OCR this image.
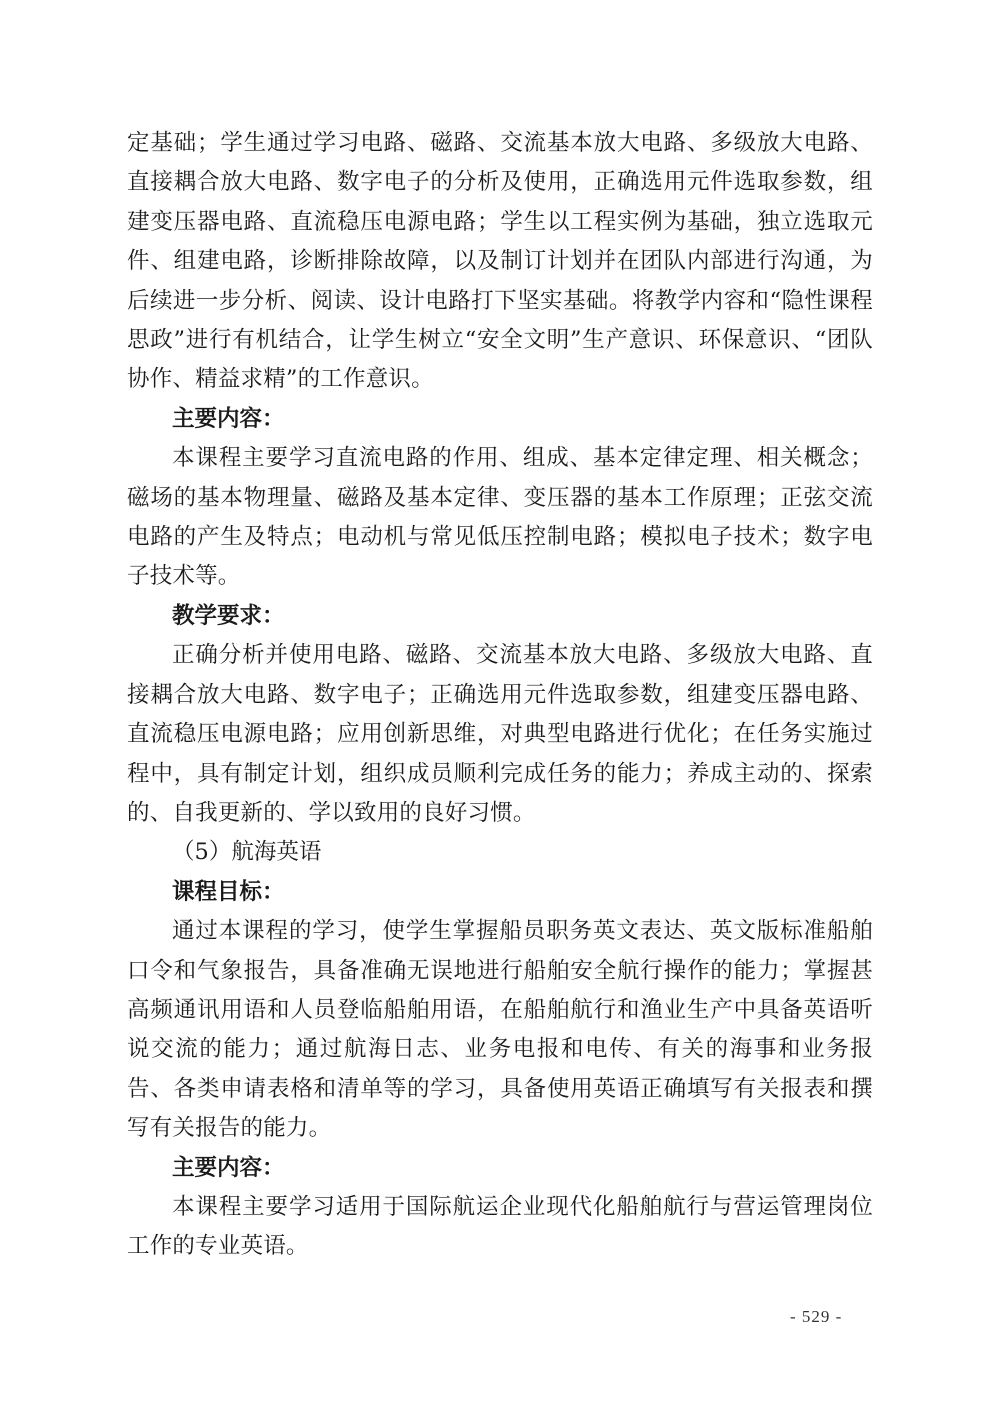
定基础；学生通过学习电路、磁路、交流基本放大电路、多级放大电路、直接耦合放大电路、数字电子的分析及使用，正确选用元件选取参数，组建变压器电路、直流稳压电源电路；学生以工程实例为基础，独立选取元件、组建电路，诊断排除故障，以及制订计划并在团队内部进行沟通，为后续进一步分析、阅读、设计电路打下坚实基础。将教学内容和“隐性课程思政”进行有机结合，让学生树立“安全文明”生产意识、环保意识、“团队协作、精益求精”的工作意识。

主要内容：

本课程主要学习直流电路的作用、组成、基本定律定理、相关概念；磁场的基本物理量、磁路及基本定律、变压器的基本工作原理；正弦交流电路的产生及特点；电动机与常见低压控制电路；模拟电子技术；数字电子技术等。

教学要求：

正确分析并使用电路、磁路、交流基本放大电路、多级放大电路、直接耦合放大电路、数字电子；正确选用元件选取参数，组建变压器电路、直流稳压电源电路；应用创新思维，对典型电路进行优化；在任务实施过程中，具有制定计划，组织成员顺利完成任务的能力；养成主动的、探索的、自我更新的、学以致用的良好习惯。

（5）航海英语

课程目标：

通过本课程的学习，使学生掌握船员职务英文表达、英文版标准船舶口令和气象报告，具备准确无误地进行船舶安全航行操作的能力；掌握甚高频通讯用语和人员登临船舶用语，在船舶航行和渔业生产中具备英语听说交流的能力；通过航海日志、业务电报和电传、有关的海事和业务报告、各类申请表格和清单等的学习，具备使用英语正确填写有关报表和撰写有关报告的能力。

主要内容：

本课程主要学习适用于国际航运企业现代化船舶航行与营运管理岗位工作的专业英语。

- 529 -
